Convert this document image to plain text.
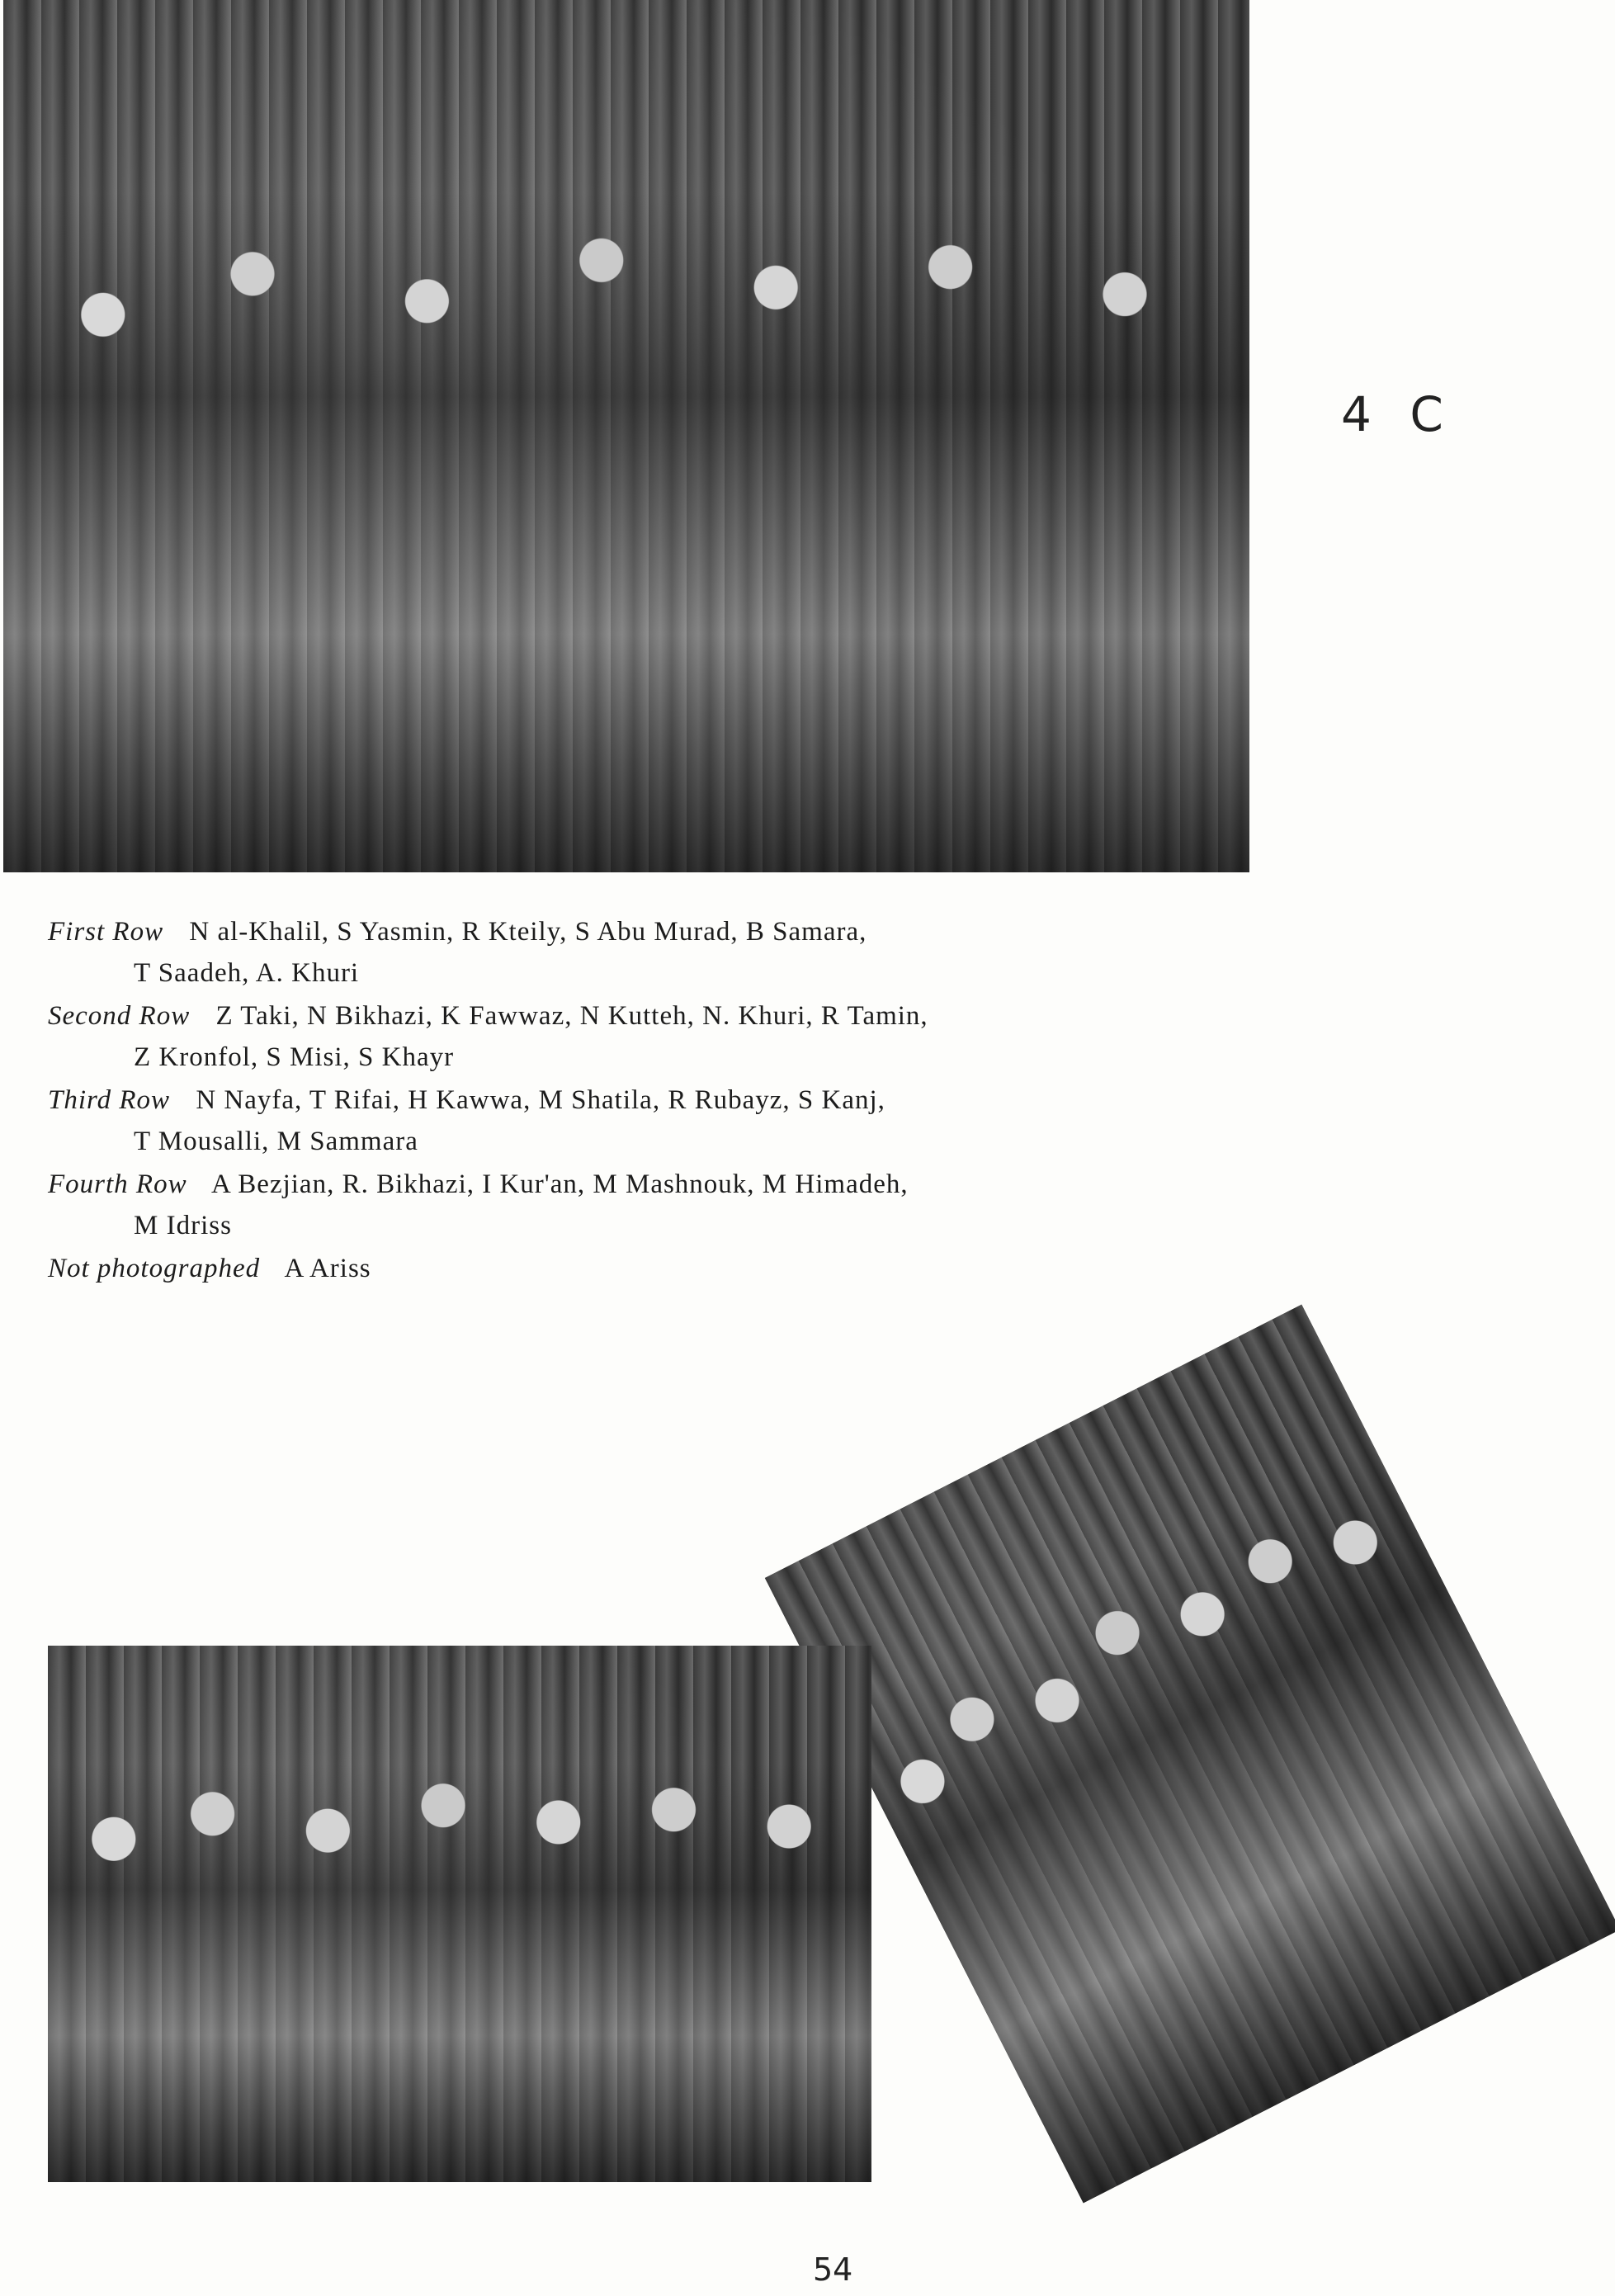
4 C

First Row N al-Khalil, S Yasmin, R Kteily, S Abu Murad, B Samara,
T Saadeh, A. Khuri

Second Row Z Taki, N Bikhazi, K Fawwaz, N Kutteh, N. Khuri, R Tamin,
Z Kronfol, S Misi, S Khayr

Third Row N Nayfa, T Rifai, H Kawwa, M Shatila, R Rubayz, S Kanj,
T Mousalli, M Sammara

Fourth Row A Bezjian, R. Bikhazi, I Kur'an, M Mashnouk, M Himadeh,
M Idriss

Not photographed A Ariss

54
